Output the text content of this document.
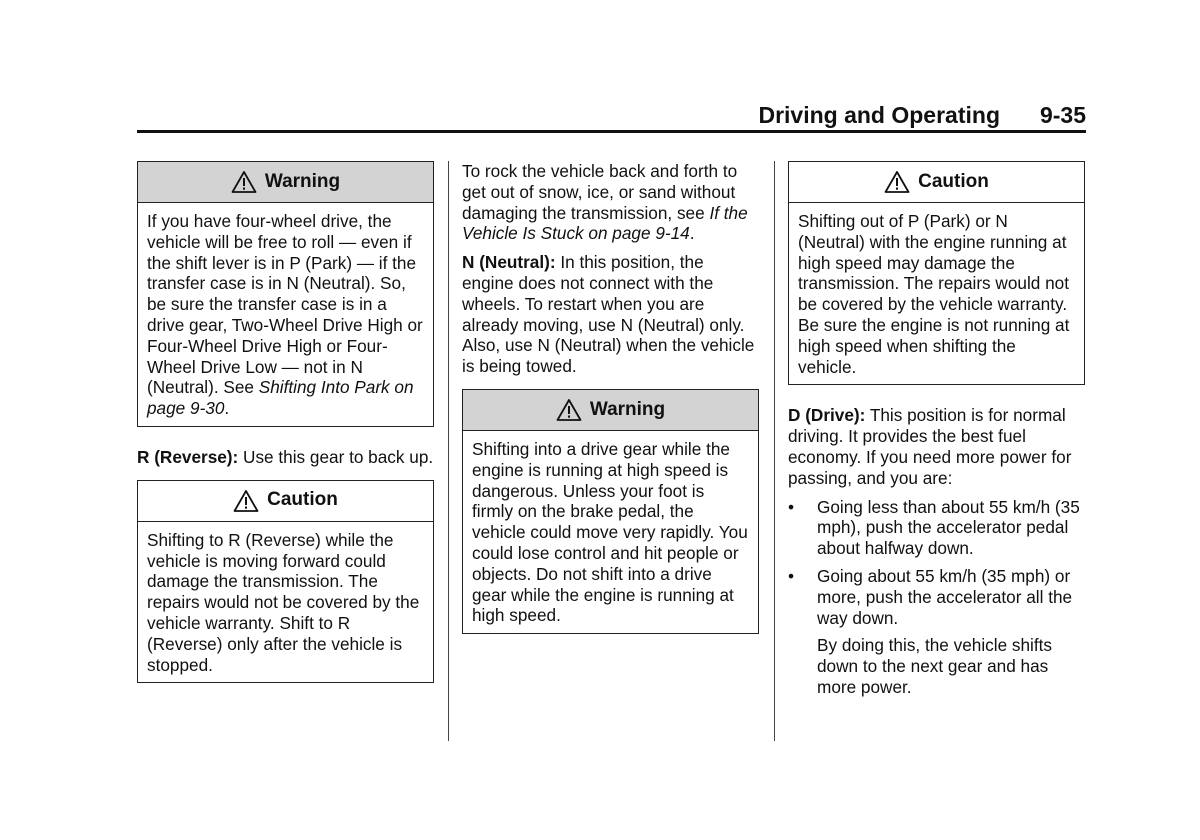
Driving and Operating 9-35
Warning
If you have four-wheel drive, the vehicle will be free to roll — even if the shift lever is in P (Park) — if the transfer case is in N (Neutral). So, be sure the transfer case is in a drive gear, Two-Wheel Drive High or Four-Wheel Drive High or Four-Wheel Drive Low — not in N (Neutral). See Shifting Into Park on page 9-30.

R (Reverse): Use this gear to back up.

Caution
Shifting to R (Reverse) while the vehicle is moving forward could damage the transmission. The repairs would not be covered by the vehicle warranty. Shift to R (Reverse) only after the vehicle is stopped.

To rock the vehicle back and forth to get out of snow, ice, or sand without damaging the transmission, see If the Vehicle Is Stuck on page 9-14.

N (Neutral): In this position, the engine does not connect with the wheels. To restart when you are already moving, use N (Neutral) only. Also, use N (Neutral) when the vehicle is being towed.

Warning
Shifting into a drive gear while the engine is running at high speed is dangerous. Unless your foot is firmly on the brake pedal, the vehicle could move very rapidly. You could lose control and hit people or objects. Do not shift into a drive gear while the engine is running at high speed.
Caution
Shifting out of P (Park) or N (Neutral) with the engine running at high speed may damage the transmission. The repairs would not be covered by the vehicle warranty. Be sure the engine is not running at high speed when shifting the vehicle.

D (Drive): This position is for normal driving. It provides the best fuel economy. If you need more power for passing, and you are:

• Going less than about 55 km/h (35 mph), push the accelerator pedal about halfway down.
• Going about 55 km/h (35 mph) or more, push the accelerator all the way down.

By doing this, the vehicle shifts down to the next gear and has more power.
